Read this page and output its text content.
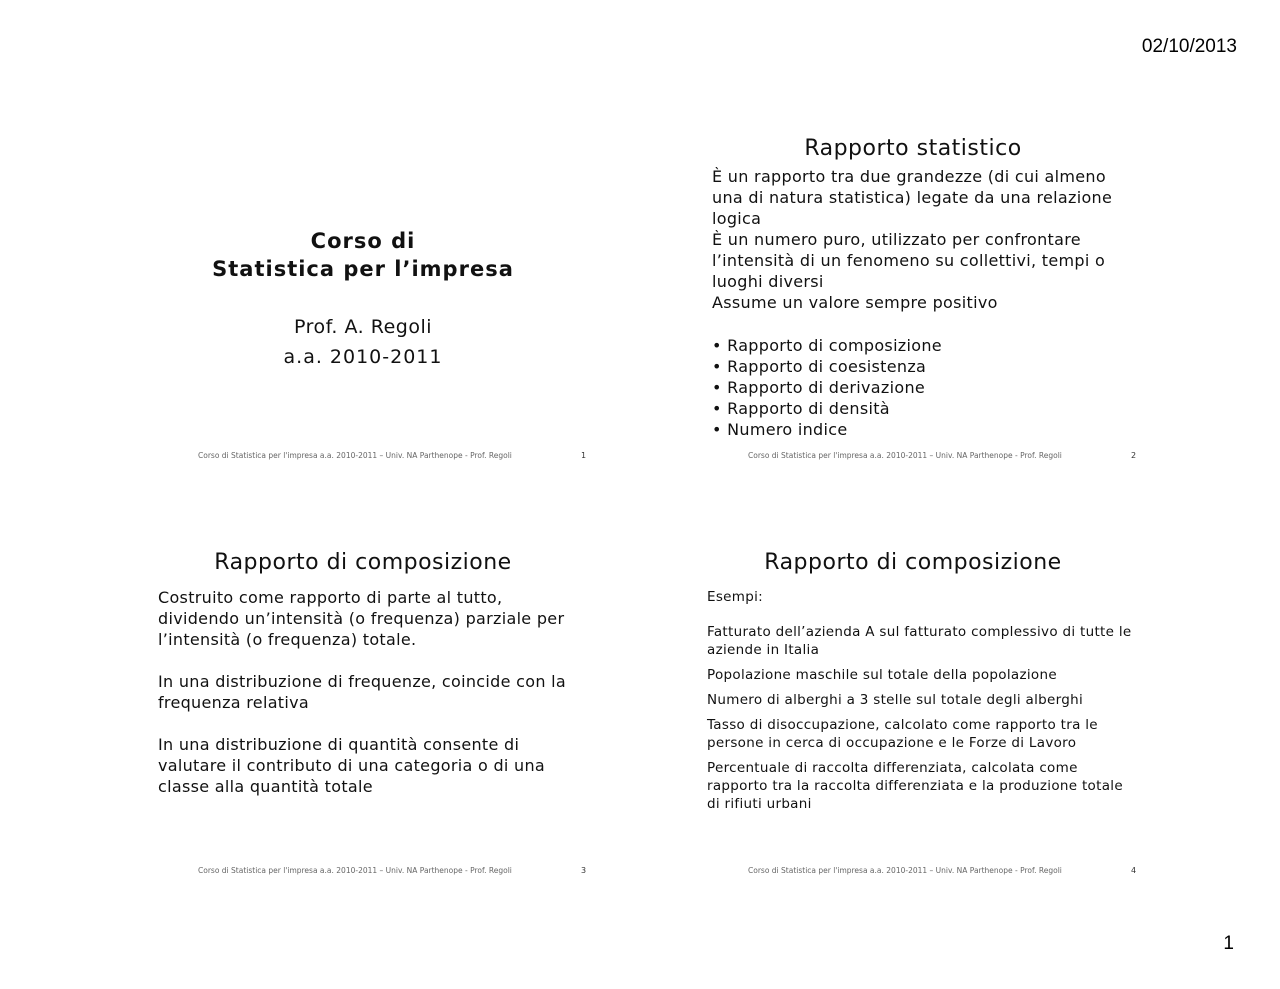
02/10/2013
Corso di
Statistica per l’impresa
Prof. A. Regoli
a.a. 2010-2011
Corso di Statistica per l'impresa a.a. 2010-2011 – Univ. NA Parthenope - Prof. Regoli	1
Rapporto statistico
È un rapporto tra due grandezze (di cui almeno una di natura statistica) legate da una relazione logica
È un numero puro, utilizzato per confrontare l’intensità di un fenomeno su collettivi, tempi o luoghi diversi
Assume un valore sempre positivo
• Rapporto di composizione
• Rapporto di coesistenza
• Rapporto di derivazione
• Rapporto di densità
• Numero indice
Corso di Statistica per l'impresa a.a. 2010-2011 – Univ. NA Parthenope - Prof. Regoli	2
Rapporto di composizione

Costruito come rapporto di parte al tutto, dividendo un’intensità (o frequenza) parziale per l’intensità (o frequenza) totale.

In una distribuzione di frequenze, coincide con la frequenza relativa

In una distribuzione di quantità consente di valutare il contributo di una categoria o di una classe alla quantità totale

Corso di Statistica per l'impresa a.a. 2010-2011 – Univ. NA Parthenope - Prof. Regoli	3
Rapporto di composizione
Esempi:
Fatturato dell’azienda A sul fatturato complessivo di tutte le aziende in Italia
Popolazione maschile sul totale della popolazione
Numero di alberghi a 3 stelle sul totale degli alberghi
Tasso di disoccupazione, calcolato come rapporto tra le persone in cerca di occupazione e le Forze di Lavoro
Percentuale di raccolta differenziata, calcolata come rapporto tra la raccolta differenziata e la produzione totale di rifiuti urbani
Corso di Statistica per l'impresa a.a. 2010-2011 – Univ. NA Parthenope - Prof. Regoli	4
1
